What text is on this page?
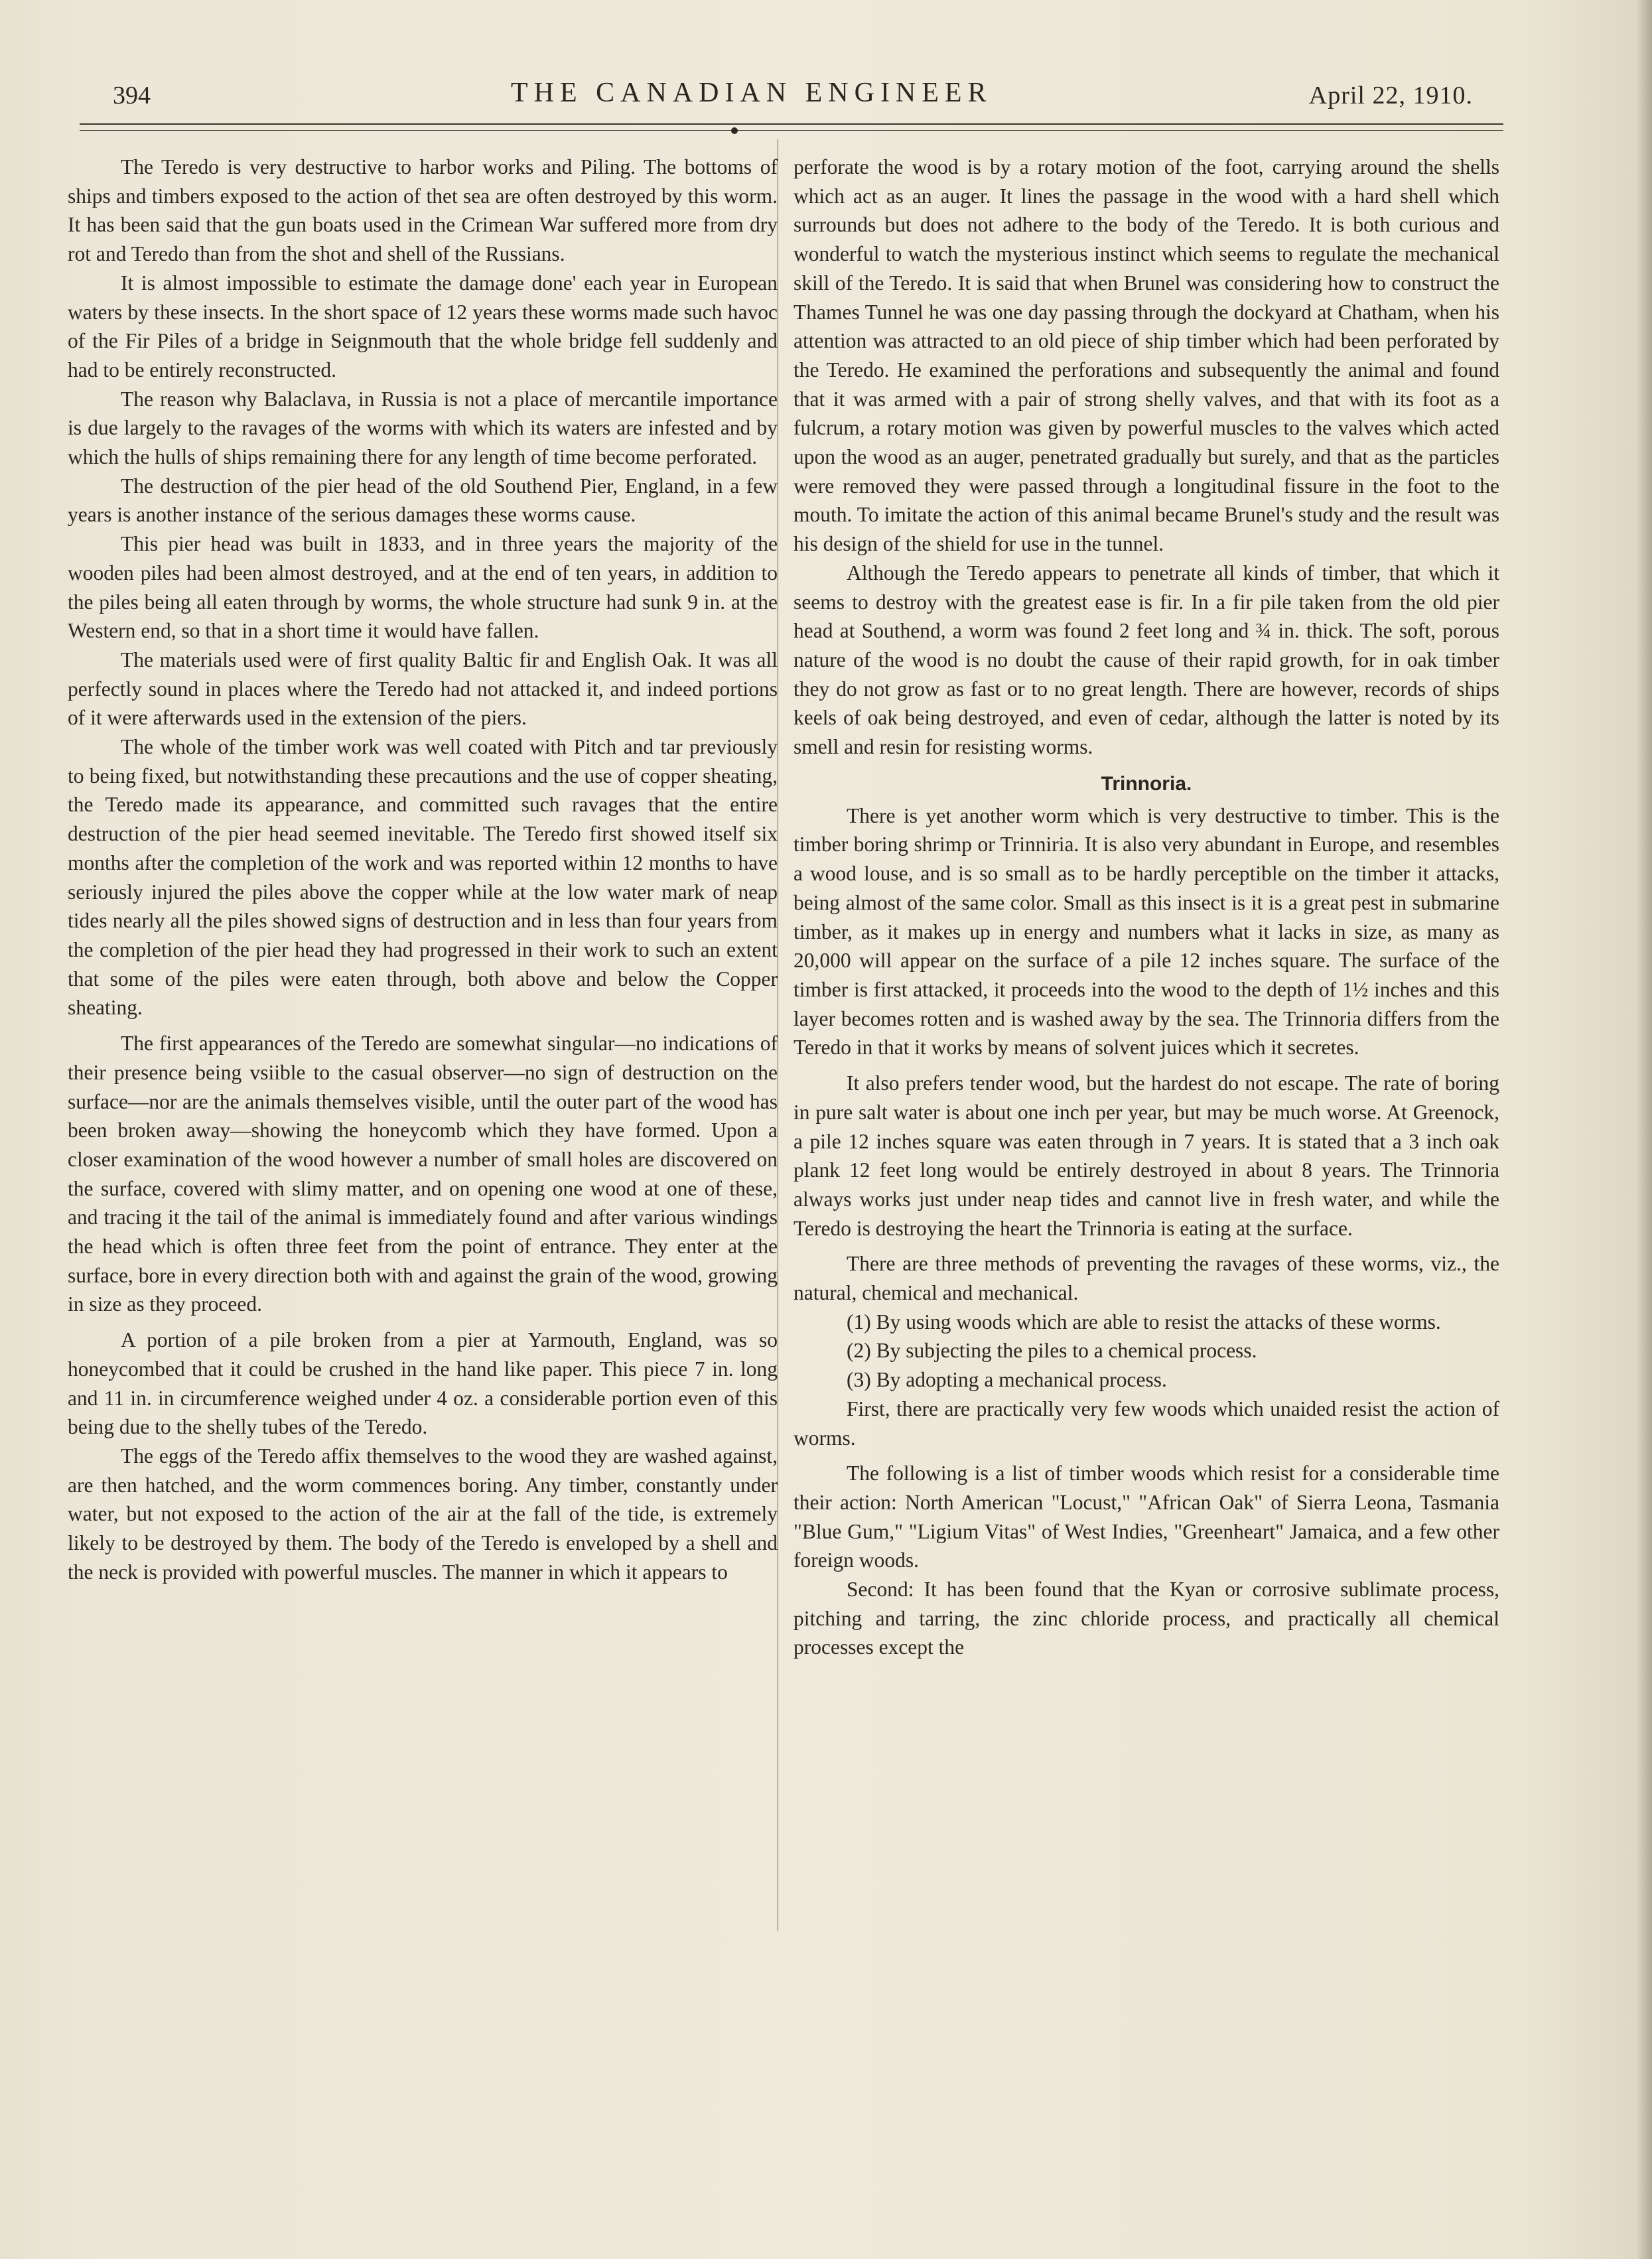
394	THE CANADIAN ENGINEER	April 22, 1910.

The Teredo is very destructive to harbor works and Piling. The bottoms of ships and timbers exposed to the action of thet sea are often destroyed by this worm. It has been said that the gun boats used in the Crimean War suffered more from dry rot and Teredo than from the shot and shell of the Russians.

It is almost impossible to estimate the damage done' each year in European waters by these insects. In the short space of 12 years these worms made such havoc of the Fir Piles of a bridge in Seignmouth that the whole bridge fell suddenly and had to be entirely reconstructed.

The reason why Balaclava, in Russia is not a place of mercantile importance is due largely to the ravages of the worms with which its waters are infested and by which the hulls of ships remaining there for any length of time become perforated.

The destruction of the pier head of the old Southend Pier, England, in a few years is another instance of the serious damages these worms cause.

This pier head was built in 1833, and in three years the majority of the wooden piles had been almost destroyed, and at the end of ten years, in addition to the piles being all eaten through by worms, the whole structure had sunk 9 in. at the Western end, so that in a short time it would have fallen.

The materials used were of first quality Baltic fir and English Oak. It was all perfectly sound in places where the Teredo had not attacked it, and indeed portions of it were afterwards used in the extension of the piers.

The whole of the timber work was well coated with Pitch and tar previously to being fixed, but notwithstanding these precautions and the use of copper sheating, the Teredo made its appearance, and committed such ravages that the entire destruction of the pier head seemed inevitable. The Teredo first showed itself six months after the completion of the work and was reported within 12 months to have seriously injured the piles above the copper while at the low water mark of neap tides nearly all the piles showed signs of destruction and in less than four years from the completion of the pier head they had progressed in their work to such an extent that some of the piles were eaten through, both above and below the Copper sheating.

The first appearances of the Teredo are somewhat singular—no indications of their presence being vsiible to the casual observer—no sign of destruction on the surface—nor are the animals themselves visible, until the outer part of the wood has been broken away—showing the honeycomb which they have formed. Upon a closer examination of the wood however a number of small holes are discovered on the surface, covered with slimy matter, and on opening one wood at one of these, and tracing it the tail of the animal is immediately found and after various windings the head which is often three feet from the point of entrance. They enter at the surface, bore in every direction both with and against the grain of the wood, growing in size as they proceed.

A portion of a pile broken from a pier at Yarmouth, England, was so honeycombed that it could be crushed in the hand like paper. This piece 7 in. long and 11 in. in circumference weighed under 4 oz. a considerable portion even of this being due to the shelly tubes of the Teredo.

The eggs of the Teredo affix themselves to the wood they are washed against, are then hatched, and the worm commences boring. Any timber, constantly under water, but not exposed to the action of the air at the fall of the tide, is extremely likely to be destroyed by them. The body of the Teredo is enveloped by a shell and the neck is provided with powerful muscles. The manner in which it appears to

perforate the wood is by a rotary motion of the foot, carrying around the shells which act as an auger. It lines the passage in the wood with a hard shell which surrounds but does not adhere to the body of the Teredo. It is both curious and wonderful to watch the mysterious instinct which seems to regulate the mechanical skill of the Teredo. It is said that when Brunel was considering how to construct the Thames Tunnel he was one day passing through the dockyard at Chatham, when his attention was attracted to an old piece of ship timber which had been perforated by the Teredo. He examined the perforations and subsequently the animal and found that it was armed with a pair of strong shelly valves, and that with its foot as a fulcrum, a rotary motion was given by powerful muscles to the valves which acted upon the wood as an auger, penetrated gradually but surely, and that as the particles were removed they were passed through a longitudinal fissure in the foot to the mouth. To imitate the action of this animal became Brunel's study and the result was his design of the shield for use in the tunnel.

Although the Teredo appears to penetrate all kinds of timber, that which it seems to destroy with the greatest ease is fir. In a fir pile taken from the old pier head at Southend, a worm was found 2 feet long and ¾ in. thick. The soft, porous nature of the wood is no doubt the cause of their rapid growth, for in oak timber they do not grow as fast or to no great length. There are however, records of ships keels of oak being destroyed, and even of cedar, although the latter is noted by its smell and resin for resisting worms.

Trinnoria.

There is yet another worm which is very destructive to timber. This is the timber boring shrimp or Trinniria. It is also very abundant in Europe, and resembles a wood louse, and is so small as to be hardly perceptible on the timber it attacks, being almost of the same color. Small as this insect is it is a great pest in submarine timber, as it makes up in energy and numbers what it lacks in size, as many as 20,000 will appear on the surface of a pile 12 inches square. The surface of the timber is first attacked, it proceeds into the wood to the depth of 1½ inches and this layer becomes rotten and is washed away by the sea. The Trinnoria differs from the Teredo in that it works by means of solvent juices which it secretes.

It also prefers tender wood, but the hardest do not escape. The rate of boring in pure salt water is about one inch per year, but may be much worse. At Greenock, a pile 12 inches square was eaten through in 7 years. It is stated that a 3 inch oak plank 12 feet long would be entirely destroyed in about 8 years. The Trinnoria always works just under neap tides and cannot live in fresh water, and while the Teredo is destroying the heart the Trinnoria is eating at the surface.

There are three methods of preventing the ravages of these worms, viz., the natural, chemical and mechanical.

(1) By using woods which are able to resist the attacks of these worms.

(2) By subjecting the piles to a chemical process.

(3) By adopting a mechanical process.

First, there are practically very few woods which unaided resist the action of worms.

The following is a list of timber woods which resist for a considerable time their action: North American "Locust," "African Oak" of Sierra Leona, Tasmania "Blue Gum," "Ligium Vitas" of West Indies, "Greenheart" Jamaica, and a few other foreign woods.

Second: It has been found that the Kyan or corrosive sublimate process, pitching and tarring, the zinc chloride process, and practically all chemical processes except the
